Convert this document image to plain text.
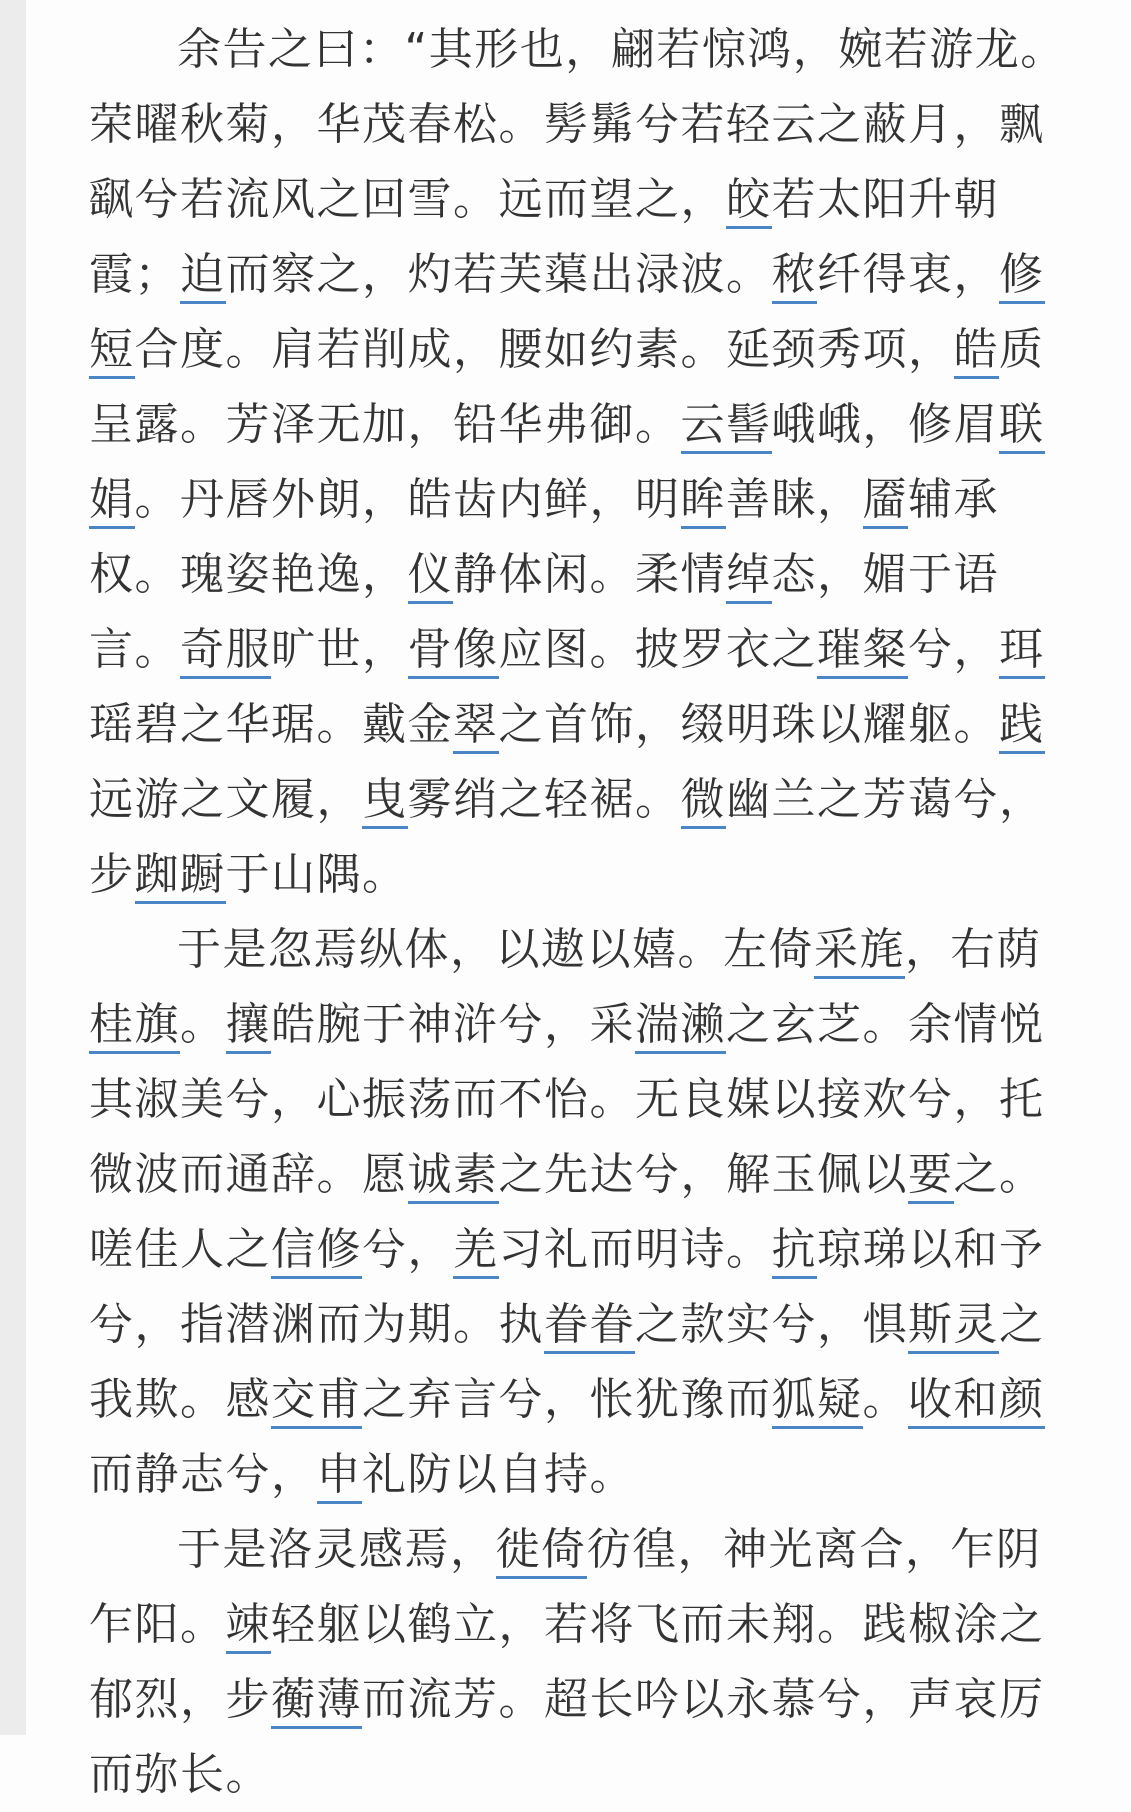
余告之曰：“其形也，翩若惊鸿，婉若游龙。荣曜秋菊，华茂春松。髣髴兮若轻云之蔽月，飘飖兮若流风之回雪。远而望之，皎若太阳升朝霞；迫而察之，灼若芙蕖出渌波。秾纤得衷，修短合度。肩若削成，腰如约素。延颈秀项，皓质呈露。芳泽无加，铅华弗御。云髻峨峨，修眉联娟。丹唇外朗，皓齿内鲜，明眸善睐，靥辅承权。瑰姿艳逸，仪静体闲。柔情绰态，媚于语言。奇服旷世，骨像应图。披罗衣之璀粲兮，珥瑶碧之华琚。戴金翠之首饰，缀明珠以耀躯。践远游之文履，曳雾绡之轻裾。微幽兰之芳蔼兮，步踟蹰于山隅。

于是忽焉纵体，以遨以嬉。左倚采旄，右荫桂旗。攘皓腕于神浒兮，采湍濑之玄芝。余情悦其淑美兮，心振荡而不怡。无良媒以接欢兮，托微波而通辞。愿诚素之先达兮，解玉佩以要之。嗟佳人之信修兮，羌习礼而明诗。抗琼珶以和予兮，指潜渊而为期。执眷眷之款实兮，惧斯灵之我欺。感交甫之弃言兮，怅犹豫而狐疑。收和颜而静志兮，申礼防以自持。

于是洛灵感焉，徙倚彷徨，神光离合，乍阴乍阳。竦轻躯以鹤立，若将飞而未翔。践椒涂之郁烈，步蘅薄而流芳。超长吟以永慕兮，声哀厉而弥长。
